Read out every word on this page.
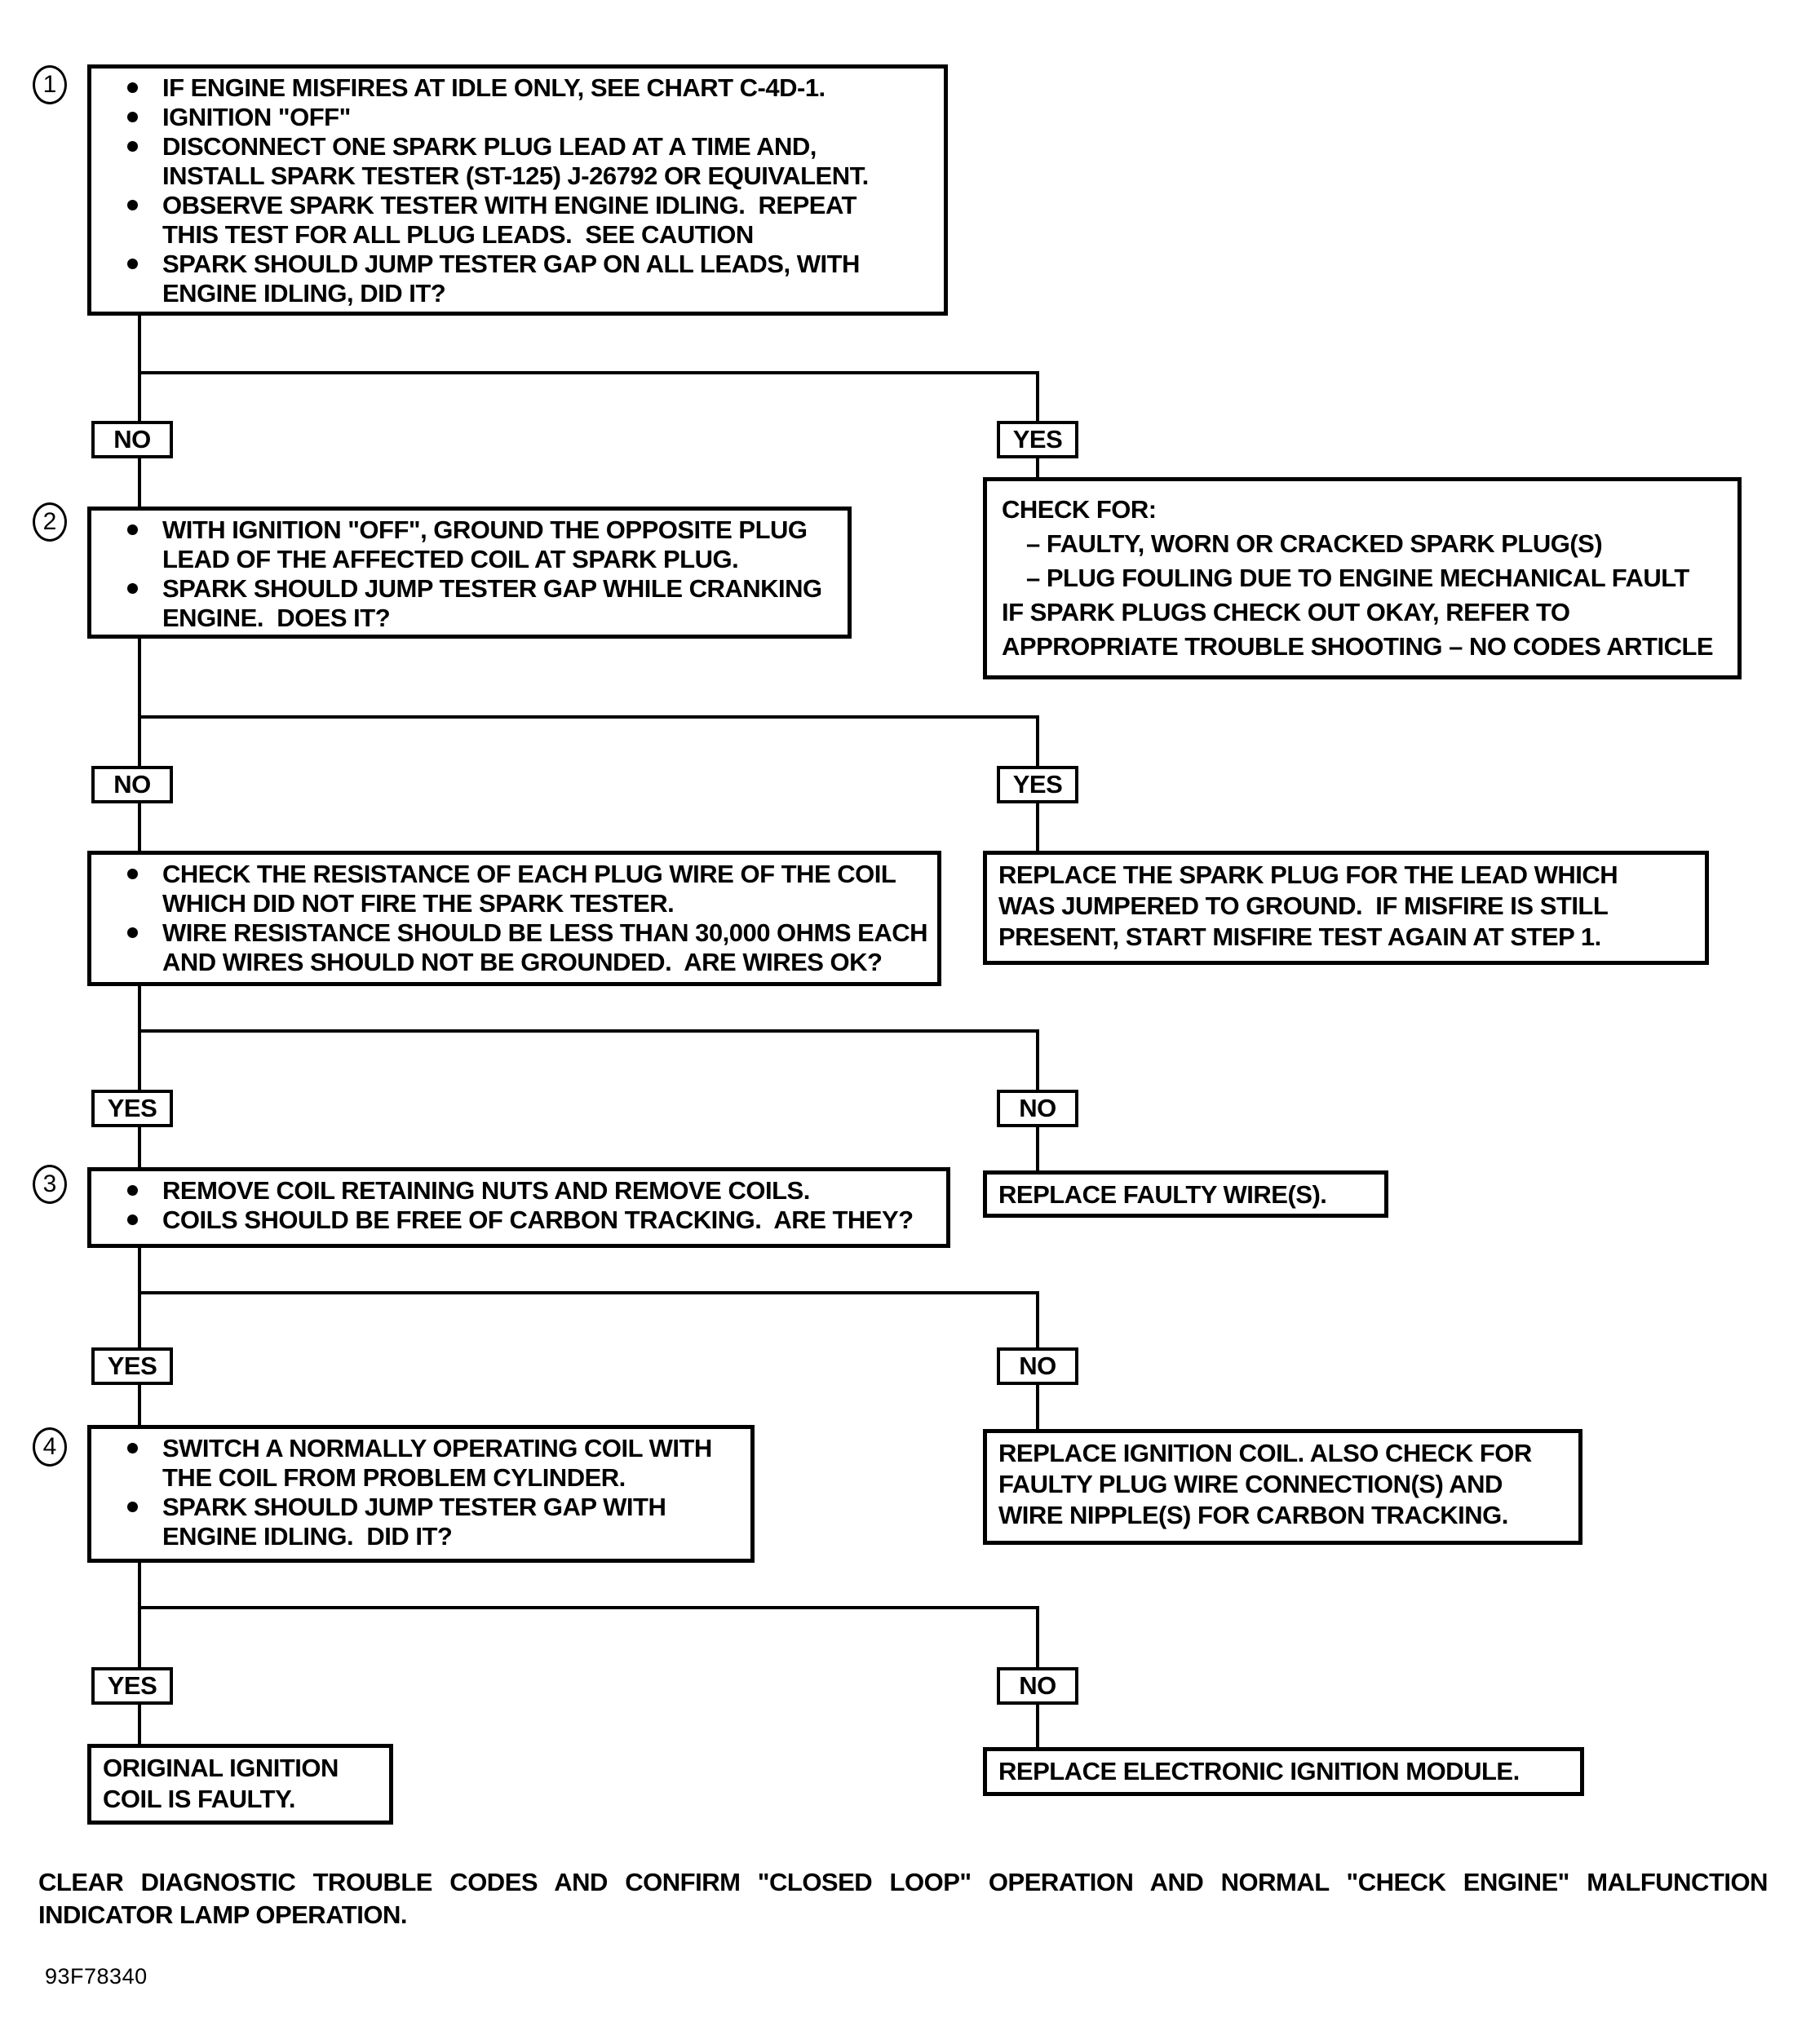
1
2
3
4
IF ENGINE MISFIRES AT IDLE ONLY, SEE CHART C-4D-1.
IGNITION "OFF"
DISCONNECT ONE SPARK PLUG LEAD AT A TIME AND,
INSTALL SPARK TESTER (ST-125) J-26792 OR EQUIVALENT.
OBSERVE SPARK TESTER WITH ENGINE IDLING.  REPEAT
THIS TEST FOR ALL PLUG LEADS.  SEE CAUTION
SPARK SHOULD JUMP TESTER GAP ON ALL LEADS, WITH
ENGINE IDLING, DID IT?
NO	YES
WITH IGNITION "OFF", GROUND THE OPPOSITE PLUG
LEAD OF THE AFFECTED COIL AT SPARK PLUG.
SPARK SHOULD JUMP TESTER GAP WHILE CRANKING
ENGINE.  DOES IT?
CHECK FOR:
– FAULTY, WORN OR CRACKED SPARK PLUG(S)
– PLUG FOULING DUE TO ENGINE MECHANICAL FAULT
IF SPARK PLUGS CHECK OUT OKAY, REFER TO
APPROPRIATE TROUBLE SHOOTING – NO CODES ARTICLE
NO	YES
CHECK THE RESISTANCE OF EACH PLUG WIRE OF THE COIL
WHICH DID NOT FIRE THE SPARK TESTER.
WIRE RESISTANCE SHOULD BE LESS THAN 30,000 OHMS EACH
AND WIRES SHOULD NOT BE GROUNDED.  ARE WIRES OK?
REPLACE THE SPARK PLUG FOR THE LEAD WHICH
WAS JUMPERED TO GROUND.  IF MISFIRE IS STILL
PRESENT, START MISFIRE TEST AGAIN AT STEP 1.
YES	NO
REMOVE COIL RETAINING NUTS AND REMOVE COILS.
COILS SHOULD BE FREE OF CARBON TRACKING.  ARE THEY?
REPLACE FAULTY WIRE(S).
YES	NO
SWITCH A NORMALLY OPERATING COIL WITH
THE COIL FROM PROBLEM CYLINDER.
SPARK SHOULD JUMP TESTER GAP WITH
ENGINE IDLING.  DID IT?
REPLACE IGNITION COIL. ALSO CHECK FOR
FAULTY PLUG WIRE CONNECTION(S) AND
WIRE NIPPLE(S) FOR CARBON TRACKING.
YES	NO
ORIGINAL IGNITION
COIL IS FAULTY.
REPLACE ELECTRONIC IGNITION MODULE.
CLEAR DIAGNOSTIC TROUBLE CODES AND CONFIRM "CLOSED LOOP" OPERATION AND NORMAL "CHECK ENGINE" MALFUNCTION
INDICATOR LAMP OPERATION.
93F78340
